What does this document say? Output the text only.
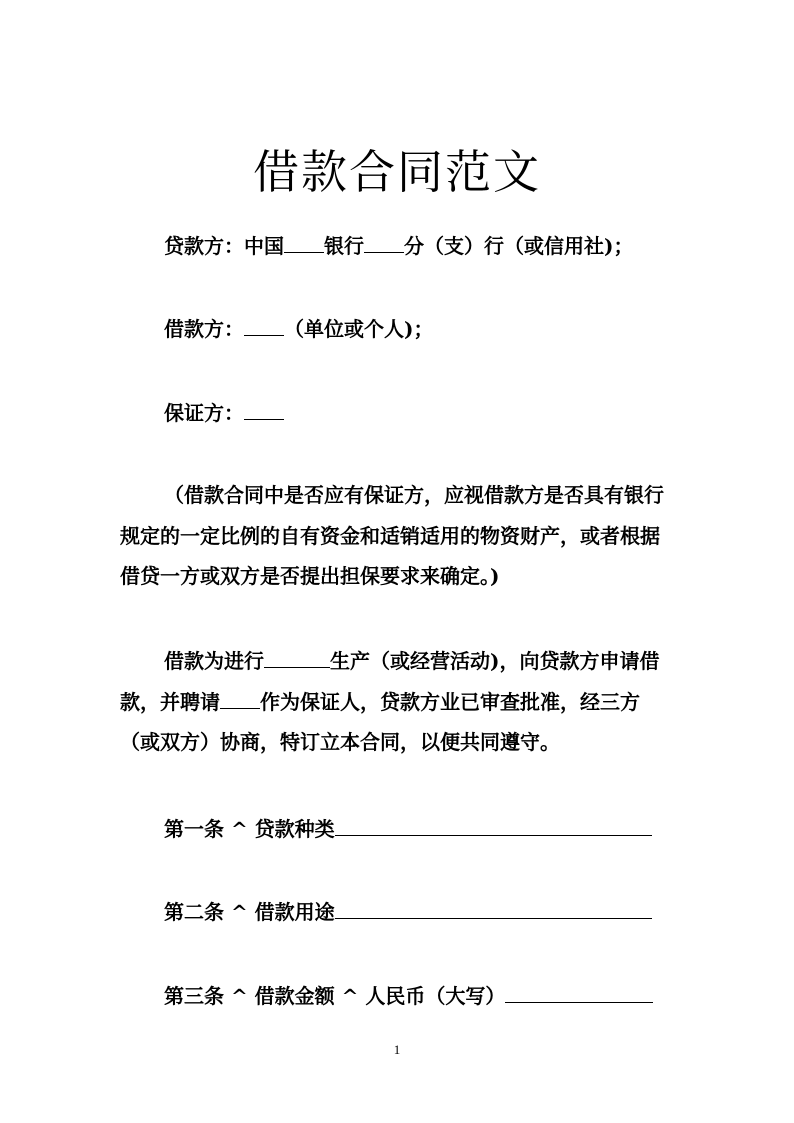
借款合同范文
贷款方：中国 银行 分（支）行（或信用社)；
借款方： （单位或个人)；
保证方：
（借款合同中是否应有保证方，应视借款方是否具有银行规定的一定比例的自有资金和适销适用的物资财产，或者根据借贷一方或双方是否提出担保要求来确定。)
借款为进行	生产（或经营活动)，向贷款方申请借款，并聘请 作为保证人，贷款方业已审查批准，经三方（或双方）协商，特订立本合同，以便共同遵守。
第一条 ^ 贷款种类
第二条 ^ 借款用途
第三条 ^ 借款金额 ^ 人民币（大写）
1
